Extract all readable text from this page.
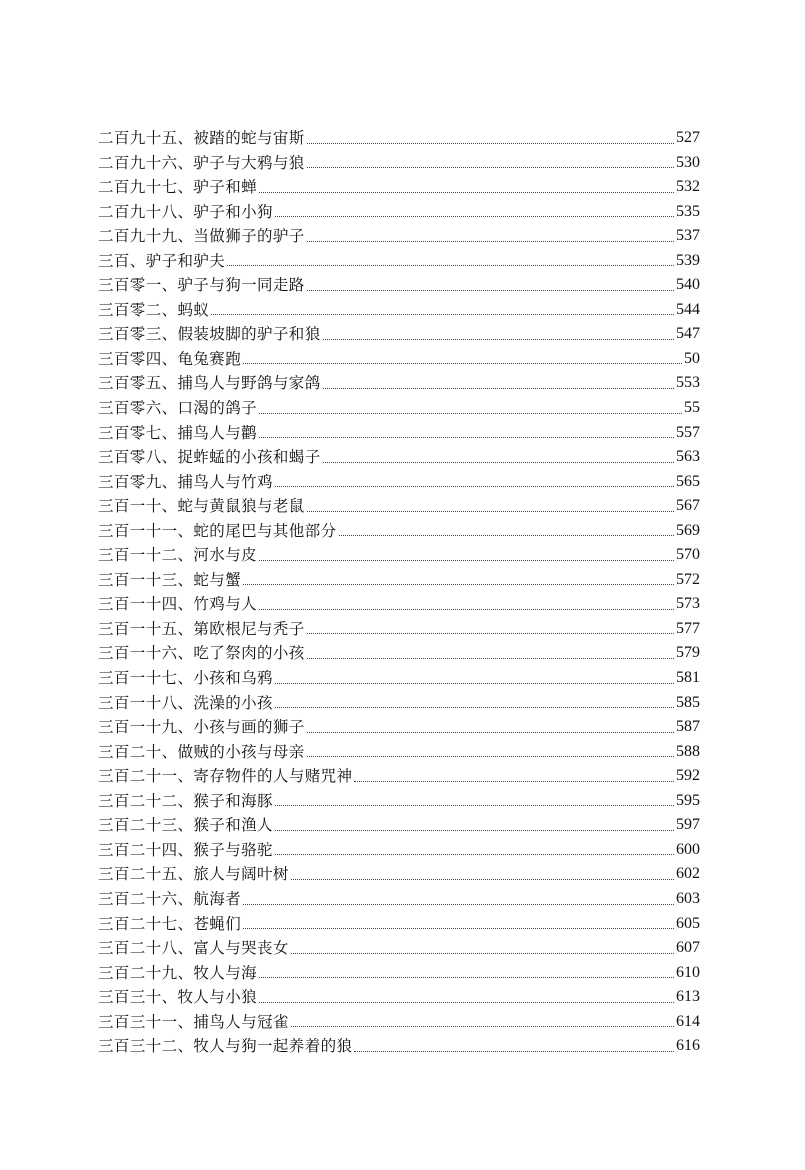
二百九十五、被踏的蛇与宙斯	527
二百九十六、驴子与大鸦与狼	530
二百九十七、驴子和蝉	532
二百九十八、驴子和小狗	535
二百九十九、当做狮子的驴子	537
三百、驴子和驴夫	539
三百零一、驴子与狗一同走路	540
三百零二、蚂蚁	544
三百零三、假装坡脚的驴子和狼	547
三百零四、龟兔赛跑	50
三百零五、捕鸟人与野鸽与家鸽	553
三百零六、口渴的鸽子	55
三百零七、捕鸟人与鹳	557
三百零八、捉蚱蜢的小孩和蝎子	563
三百零九、捕鸟人与竹鸡	565
三百一十、蛇与黄鼠狼与老鼠	567
三百一十一、蛇的尾巴与其他部分	569
三百一十二、河水与皮	570
三百一十三、蛇与蟹	572
三百一十四、竹鸡与人	573
三百一十五、第欧根尼与秃子	577
三百一十六、吃了祭肉的小孩	579
三百一十七、小孩和乌鸦	581
三百一十八、洗澡的小孩	585
三百一十九、小孩与画的狮子	587
三百二十、做贼的小孩与母亲	588
三百二十一、寄存物件的人与赌咒神	592
三百二十二、猴子和海豚	595
三百二十三、猴子和渔人	597
三百二十四、猴子与骆驼	600
三百二十五、旅人与阔叶树	602
三百二十六、航海者	603
三百二十七、苍蝇们	605
三百二十八、富人与哭丧女	607
三百二十九、牧人与海	610
三百三十、牧人与小狼	613
三百三十一、捕鸟人与冠雀	614
三百三十二、牧人与狗一起养着的狼	616
